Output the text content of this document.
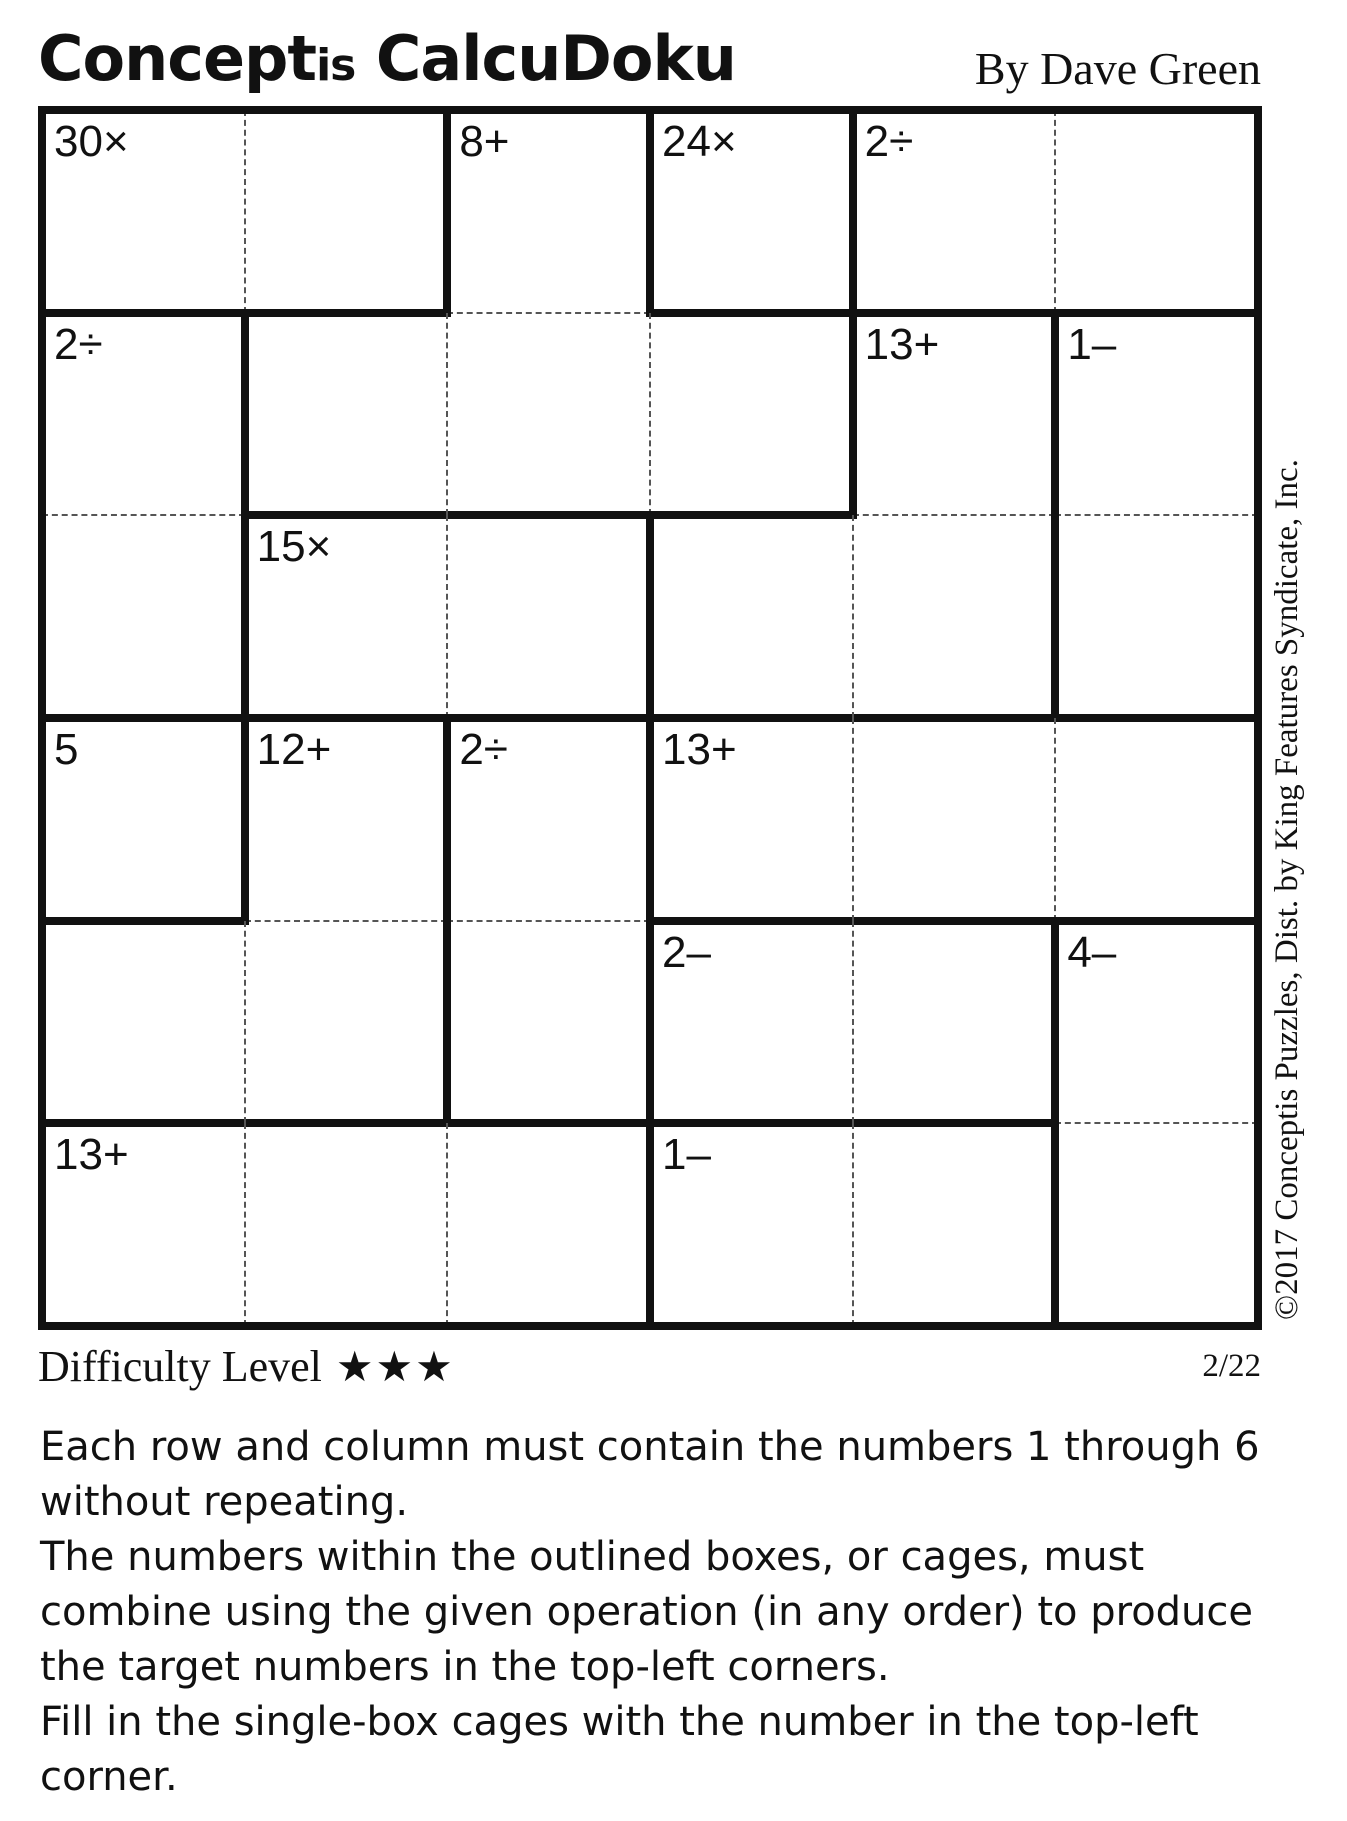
Conceptis CalcuDoku	By Dave Green
30×	8+	24×	2÷
2÷	13+	1–
15×
5	12+	2÷	13+
2–	4–
13+	1–	©2017 Conceptis Puzzles, Dist. by King Features Syndicate, Inc.
Difficulty Level ★★★	2/22

Each row and column must contain the numbers 1 through 6 without repeating.

The numbers within the outlined boxes, or cages, must combine using the given operation (in any order) to produce the target numbers in the top-left corners.

Fill in the single-box cages with the number in the top-left corner.
